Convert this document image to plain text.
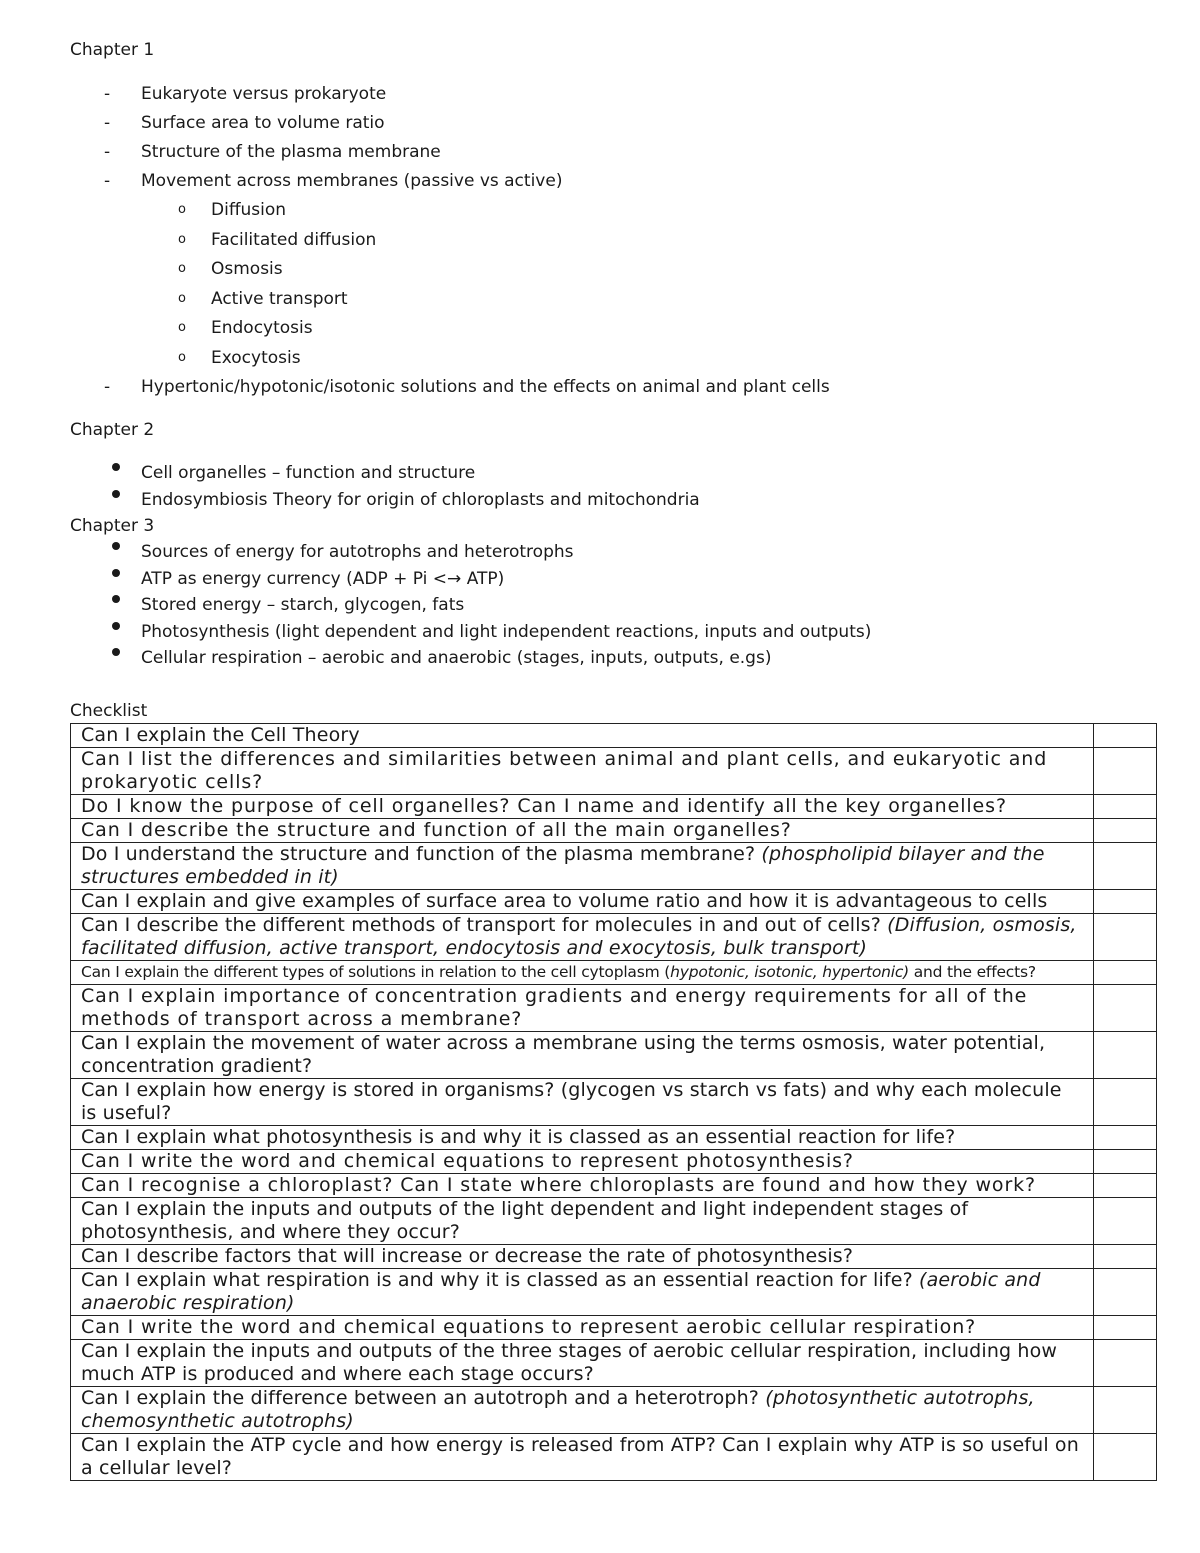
Chapter 1
- Eukaryote versus prokaryote
- Surface area to volume ratio
- Structure of the plasma membrane
- Movement across membranes (passive vs active)
o Diffusion
o Facilitated diffusion
o Osmosis
o Active transport
o Endocytosis
o Exocytosis
- Hypertonic/hypotonic/isotonic solutions and the effects on animal and plant cells
Chapter 2
Cell organelles – function and structure
Endosymbiosis Theory for origin of chloroplasts and mitochondria
Chapter 3
Sources of energy for autotrophs and heterotrophs
ATP as energy currency (ADP + Pi <→ ATP)
Stored energy – starch, glycogen, fats
Photosynthesis (light dependent and light independent reactions, inputs and outputs)
Cellular respiration – aerobic and anaerobic (stages, inputs, outputs, e.gs)
Checklist
Can I explain the Cell Theory	
Can I list the differences and similarities between animal and plant cells, and eukaryotic and prokaryotic cells?	
Do I know the purpose of cell organelles? Can I name and identify all the key organelles?	
Can I describe the structure and function of all the main organelles?	
Do I understand the structure and function of the plasma membrane? (phospholipid bilayer and the structures embedded in it)	
Can I explain and give examples of surface area to volume ratio and how it is advantageous to cells	
Can I describe the different methods of transport for molecules in and out of cells? (Diffusion, osmosis, facilitated diffusion, active transport, endocytosis and exocytosis, bulk transport)	
Can I explain the different types of solutions in relation to the cell cytoplasm (hypotonic, isotonic, hypertonic) and the effects?	
Can I explain importance of concentration gradients and energy requirements for all of the methods of transport across a membrane?	
Can I explain the movement of water across a membrane using the terms osmosis, water potential, concentration gradient?	
Can I explain how energy is stored in organisms? (glycogen vs starch vs fats) and why each molecule is useful?	
Can I explain what photosynthesis is and why it is classed as an essential reaction for life?	
Can I write the word and chemical equations to represent photosynthesis?	
Can I recognise a chloroplast? Can I state where chloroplasts are found and how they work?	
Can I explain the inputs and outputs of the light dependent and light independent stages of photosynthesis, and where they occur?	
Can I describe factors that will increase or decrease the rate of photosynthesis?	
Can I explain what respiration is and why it is classed as an essential reaction for life? (aerobic and anaerobic respiration)	
Can I write the word and chemical equations to represent aerobic cellular respiration?	
Can I explain the inputs and outputs of the three stages of aerobic cellular respiration, including how much ATP is produced and where each stage occurs?	
Can I explain the difference between an autotroph and a heterotroph? (photosynthetic autotrophs, chemosynthetic autotrophs)	
Can I explain the ATP cycle and how energy is released from ATP? Can I explain why ATP is so useful on a cellular level?	
